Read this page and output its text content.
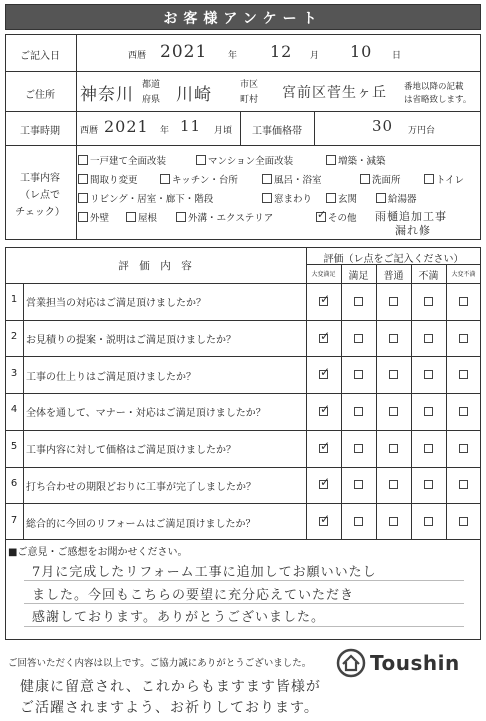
お客様アンケート
ご記入日	西暦 2021 年 12 月 10 日
ご住所	神奈川 都道
府県 川崎	市区
町村 宮前区菅生ヶ丘 番地以降の記載
は省略致します。
工事時期	西暦 2021 年 11 月頃	工事価格帯	30 万円台
工事内容
（レ点で
チェック）
一戸建て全面改装	マンション全面改装	増築・減築
間取り変更	キッチン・台所	風呂・浴室	洗面所	トイレ
リビング・居室・廊下・階段	窓まわり	玄関	給湯器
外壁	屋根	外溝・エクステリア
✓	その他 雨樋追加工事
漏れ修
評　価　内　容
評価（レ点をご記入ください）
大変満足	満足	普通	不満	大変不満
1 営業担当の対応はご満足頂けましたか？
✓
2 お見積りの提案・説明はご満足頂けましたか？
✓
3 工事の仕上りはご満足頂けましたか？
✓
4 全体を通して、マナー・対応はご満足頂けましたか？
✓
5 工事内容に対して価格はご満足頂けましたか？
✓
6 打ち合わせの期限どおりに工事が完了しましたか？
✓
7 総合的に今回のリフォームはご満足頂けましたか？
✓
■ご意見・ご感想をお聞かせください。
7月に完成したリフォーム工事に追加してお願いいたし
ました。今回もこちらの要望に充分応えていただき
感謝しております。ありがとうございました。
ご回答いただく内容は以上です。ご協力誠にありがとうございました。	Toushin
健康に留意され、これからもますます皆様が
ご活躍されますよう、お祈りしております。
